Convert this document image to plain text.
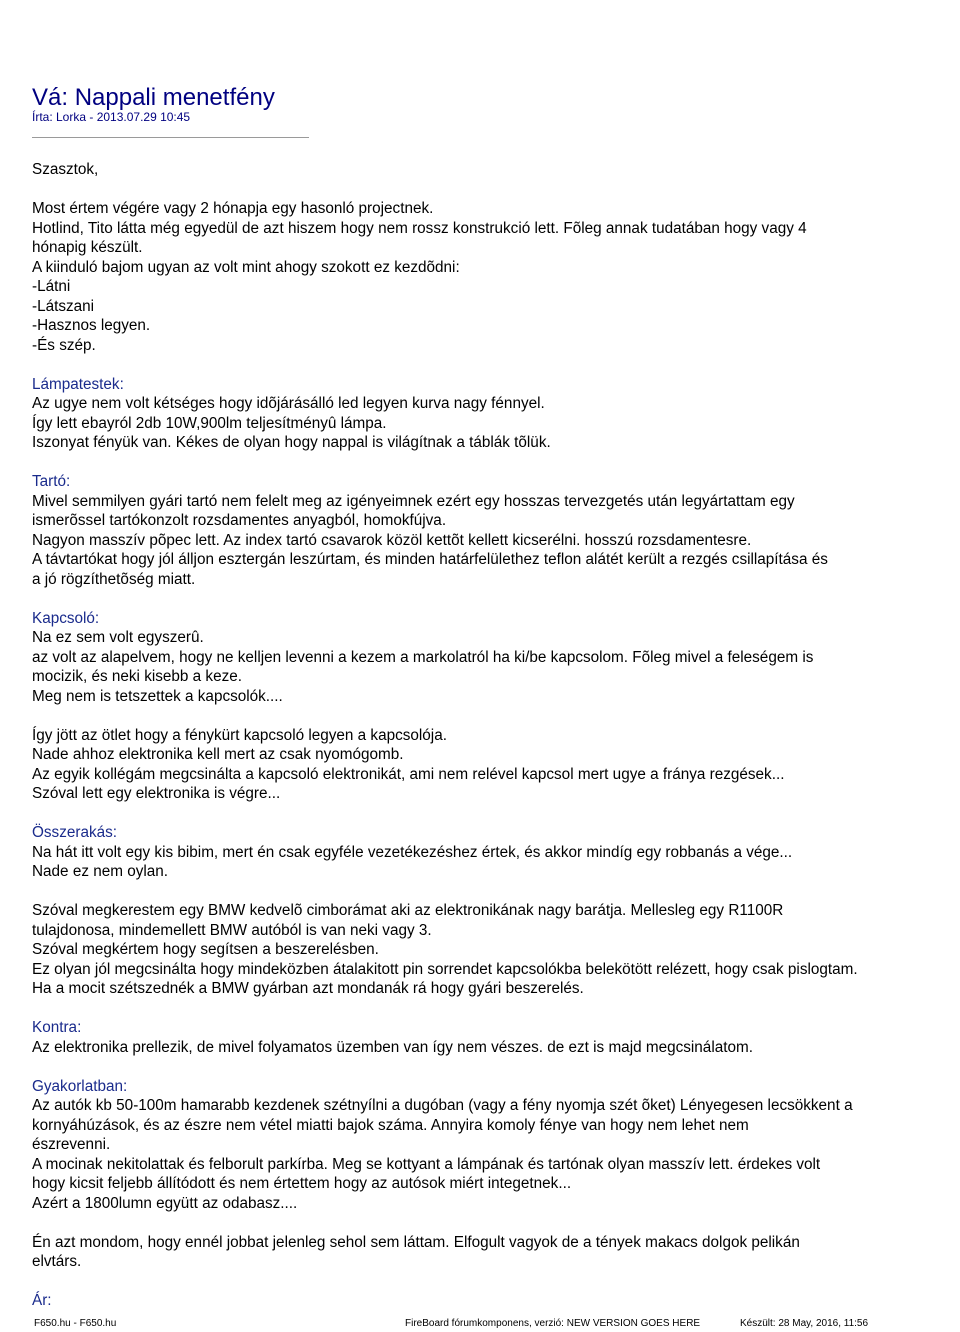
Vá: Nappali menetfény
Írta: Lorka - 2013.07.29 10:45
Szasztok,
Most értem végére vagy 2 hónapja egy hasonló projectnek.
Hotlind, Tito látta még egyedül de azt hiszem hogy nem rossz konstrukció lett. Fõleg annak tudatában hogy vagy 4
hónapig készült.
A kiinduló bajom ugyan az volt mint ahogy szokott ez kezdõdni:
-Látni
-Látszani
-Hasznos legyen.
-És szép.
Lámpatestek:
Az ugye nem volt kétséges hogy idõjárásálló led legyen kurva nagy fénnyel.
Így lett ebayról 2db 10W,900lm teljesítményû lámpa.
Iszonyat fényük van. Kékes de olyan hogy nappal is világítnak a táblák tõlük.
Tartó:
Mivel semmilyen gyári tartó nem felelt meg az igényeimnek ezért egy hosszas tervezgetés után legyártattam egy
ismerõssel tartókonzolt rozsdamentes anyagból, homokfújva.
Nagyon masszív põpec lett. Az index tartó csavarok közöl kettõt kellett kicserélni. hosszú rozsdamentesre.
A távtartókat hogy jól álljon esztergán leszúrtam, és minden határfelülethez teflon alátét került a rezgés csillapítása és
a jó rögzíthetõség miatt.
Kapcsoló:
Na ez sem volt egyszerû.
az volt az alapelvem, hogy ne kelljen levenni a kezem a markolatról ha ki/be kapcsolom. Fõleg mivel a feleségem is
mocizik, és neki kisebb a keze.
Meg nem is tetszettek a kapcsolók....
Így jött az ötlet hogy a fénykürt kapcsoló legyen a kapcsolója.
Nade ahhoz elektronika kell mert az csak nyomógomb.
Az egyik kollégám megcsinálta a kapcsoló elektronikát, ami nem relével kapcsol mert ugye a fránya rezgések...
Szóval lett egy elektronika is végre...
Összerakás:
Na hát itt volt egy kis bibim, mert én csak egyféle vezetékezéshez értek, és akkor mindíg egy robbanás a vége...
Nade ez nem oylan.
Szóval megkerestem egy BMW kedvelõ cimborámat aki az elektronikának nagy barátja. Mellesleg egy R1100R
tulajdonosa, mindemellett BMW autóból is van neki vagy 3.
Szóval megkértem hogy segítsen a beszerelésben.
Ez olyan jól megcsinálta hogy mindeközben átalakitott pin sorrendet kapcsolókba belekötött relézett, hogy csak pislogtam.
Ha a mocit szétszednék a BMW gyárban azt mondanák rá hogy gyári beszerelés.
Kontra:
Az elektronika prellezik, de mivel folyamatos üzemben van így nem vészes. de ezt is majd megcsinálatom.
Gyakorlatban:
Az autók kb 50-100m hamarabb kezdenek szétnyílni a dugóban (vagy a fény nyomja szét õket) Lényegesen lecsökkent a
kornyáhúzások, és az észre nem vétel miatti bajok száma. Annyira komoly fénye van hogy nem lehet nem
észrevenni.
A mocinak nekitolattak és felborult parkírba. Meg se kottyant a lámpának és tartónak olyan masszív lett. érdekes volt
hogy kicsit feljebb állítódott és nem értettem hogy az autósok miért integetnek...
Azért a 1800lumn együtt az odabasz....
Én azt mondom, hogy ennél jobbat jelenleg sehol sem láttam. Elfogult vagyok de a tények makacs dolgok pelikán
elvtárs.
Ár:
F650.hu - F650.hu	FireBoard fórumkomponens, verzió: NEW VERSION GOES HERE	Készült: 28 May, 2016, 11:56
